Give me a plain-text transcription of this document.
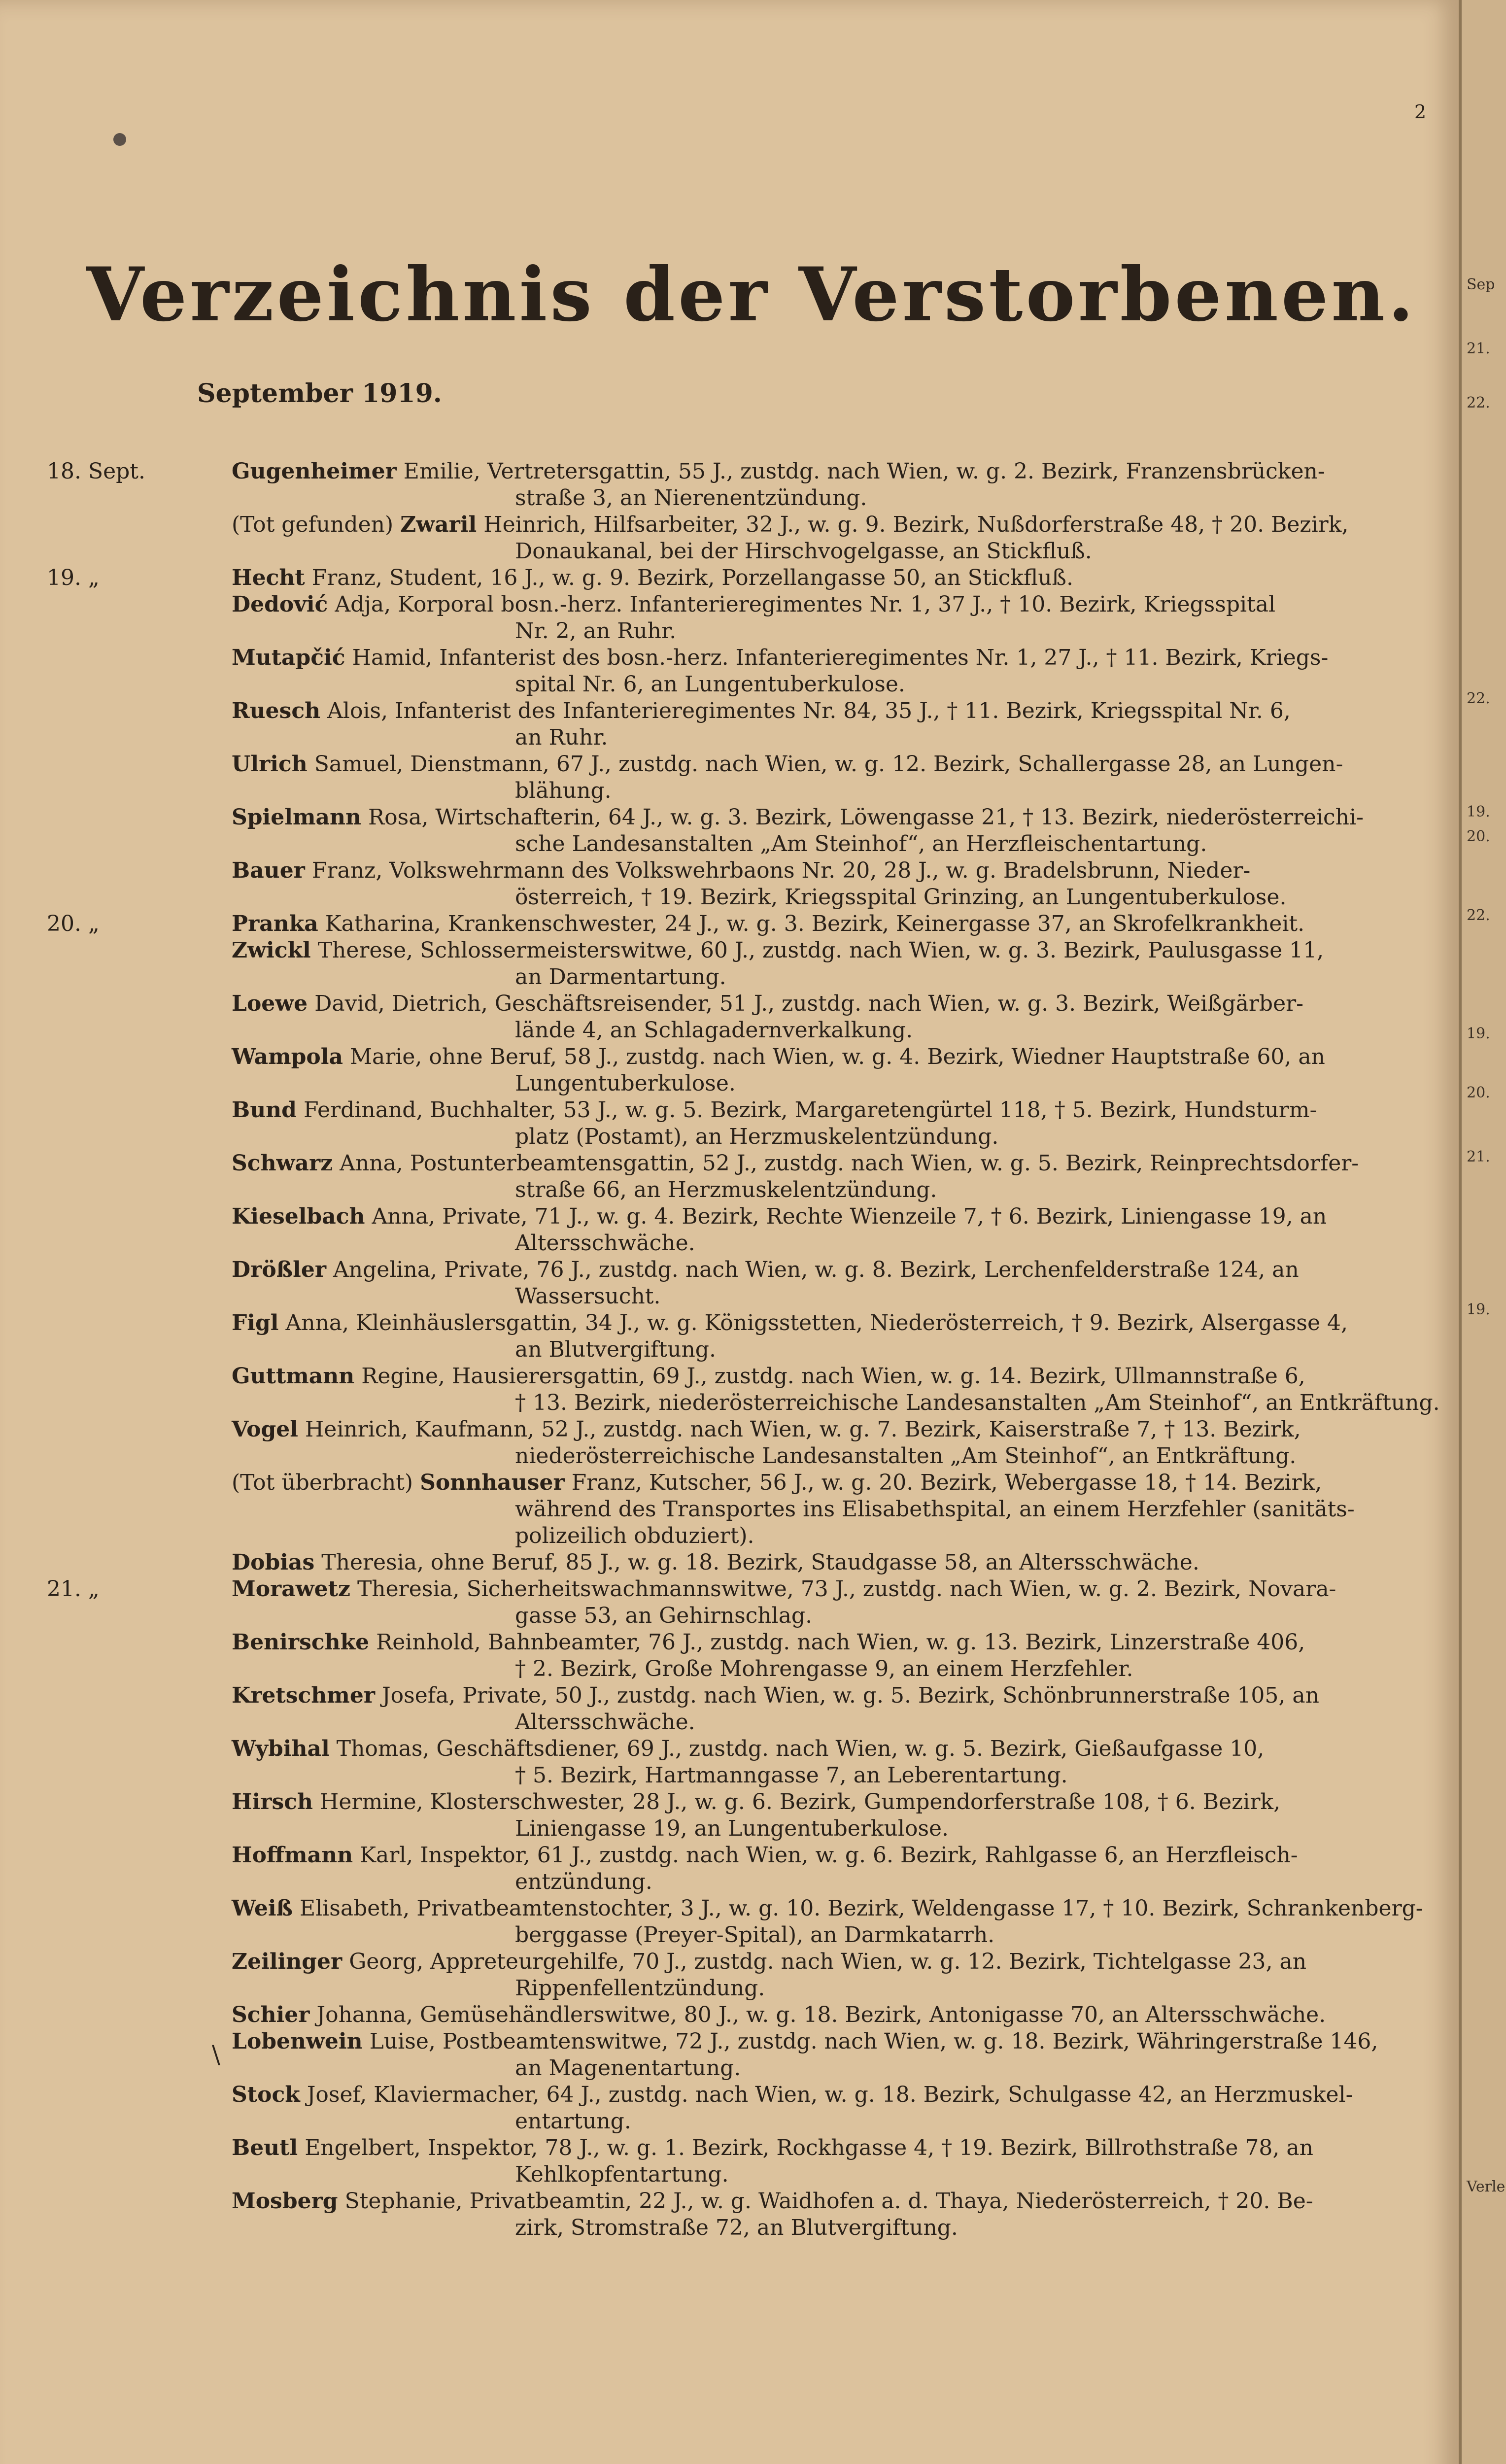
2
Verzeichnis der Verstorbenen.
September 1919.
\
18. Sept.	Gugenheimer Emilie, Vertretersgattin, 55 J., zustdg. nach Wien, w. g. 2. Bezirk, Franzensbrücken-
straße 3, an Nierenentzündung.
(Tot gefunden) Zwaril Heinrich, Hilfsarbeiter, 32 J., w. g. 9. Bezirk, Nußdorferstraße 48, † 20. Bezirk,
Donaukanal, bei der Hirschvogelgasse, an Stickfluß.
19. „	Hecht Franz, Student, 16 J., w. g. 9. Bezirk, Porzellangasse 50, an Stickfluß.
Dedović Adja, Korporal bosn.-herz. Infanterieregimentes Nr. 1, 37 J., † 10. Bezirk, Kriegsspital
Nr. 2, an Ruhr.
Mutapčić Hamid, Infanterist des bosn.-herz. Infanterieregimentes Nr. 1, 27 J., † 11. Bezirk, Kriegs-
spital Nr. 6, an Lungentuberkulose.
Ruesch Alois, Infanterist des Infanterieregimentes Nr. 84, 35 J., † 11. Bezirk, Kriegsspital Nr. 6,
an Ruhr.
Ulrich Samuel, Dienstmann, 67 J., zustdg. nach Wien, w. g. 12. Bezirk, Schallergasse 28, an Lungen-
blähung.
Spielmann Rosa, Wirtschafterin, 64 J., w. g. 3. Bezirk, Löwengasse 21, † 13. Bezirk, niederösterreichi-
sche Landesanstalten „Am Steinhof“, an Herzfleischentartung.
Bauer Franz, Volkswehrmann des Volkswehrbaons Nr. 20, 28 J., w. g. Bradelsbrunn, Nieder-
österreich, † 19. Bezirk, Kriegsspital Grinzing, an Lungentuberkulose.
20. „	Pranka Katharina, Krankenschwester, 24 J., w. g. 3. Bezirk, Keinergasse 37, an Skrofelkrankheit.
Zwickl Therese, Schlossermeisterswitwe, 60 J., zustdg. nach Wien, w. g. 3. Bezirk, Paulusgasse 11,
an Darmentartung.
Loewe David, Dietrich, Geschäftsreisender, 51 J., zustdg. nach Wien, w. g. 3. Bezirk, Weißgärber-
lände 4, an Schlagadernverkalkung.
Wampola Marie, ohne Beruf, 58 J., zustdg. nach Wien, w. g. 4. Bezirk, Wiedner Hauptstraße 60, an
Lungentuberkulose.
Bund Ferdinand, Buchhalter, 53 J., w. g. 5. Bezirk, Margaretengürtel 118, † 5. Bezirk, Hundsturm-
platz (Postamt), an Herzmuskelentzündung.
Schwarz Anna, Postunterbeamtensgattin, 52 J., zustdg. nach Wien, w. g. 5. Bezirk, Reinprechtsdorfer-
straße 66, an Herzmuskelentzündung.
Kieselbach Anna, Private, 71 J., w. g. 4. Bezirk, Rechte Wienzeile 7, † 6. Bezirk, Liniengasse 19, an
Altersschwäche.
Drößler Angelina, Private, 76 J., zustdg. nach Wien, w. g. 8. Bezirk, Lerchenfelderstraße 124, an
Wassersucht.
Figl Anna, Kleinhäuslersgattin, 34 J., w. g. Königsstetten, Niederösterreich, † 9. Bezirk, Alsergasse 4,
an Blutvergiftung.
Guttmann Regine, Hausierersgattin, 69 J., zustdg. nach Wien, w. g. 14. Bezirk, Ullmannstraße 6,
† 13. Bezirk, niederösterreichische Landesanstalten „Am Steinhof“, an Entkräftung.
Vogel Heinrich, Kaufmann, 52 J., zustdg. nach Wien, w. g. 7. Bezirk, Kaiserstraße 7, † 13. Bezirk,
niederösterreichische Landesanstalten „Am Steinhof“, an Entkräftung.
(Tot überbracht) Sonnhauser Franz, Kutscher, 56 J., w. g. 20. Bezirk, Webergasse 18, † 14. Bezirk,
während des Transportes ins Elisabethspital, an einem Herzfehler (sanitäts-
polizeilich obduziert).
Dobias Theresia, ohne Beruf, 85 J., w. g. 18. Bezirk, Staudgasse 58, an Altersschwäche.
21. „	Morawetz Theresia, Sicherheitswachmannswitwe, 73 J., zustdg. nach Wien, w. g. 2. Bezirk, Novara-
gasse 53, an Gehirnschlag.
Benirschke Reinhold, Bahnbeamter, 76 J., zustdg. nach Wien, w. g. 13. Bezirk, Linzerstraße 406,
† 2. Bezirk, Große Mohrengasse 9, an einem Herzfehler.
Kretschmer Josefa, Private, 50 J., zustdg. nach Wien, w. g. 5. Bezirk, Schönbrunnerstraße 105, an
Altersschwäche.
Wybihal Thomas, Geschäftsdiener, 69 J., zustdg. nach Wien, w. g. 5. Bezirk, Gießaufgasse 10,
† 5. Bezirk, Hartmanngasse 7, an Leberentartung.
Hirsch Hermine, Klosterschwester, 28 J., w. g. 6. Bezirk, Gumpendorferstraße 108, † 6. Bezirk,
Liniengasse 19, an Lungentuberkulose.
Hoffmann Karl, Inspektor, 61 J., zustdg. nach Wien, w. g. 6. Bezirk, Rahlgasse 6, an Herzfleisch-
entzündung.
Weiß Elisabeth, Privatbeamtenstochter, 3 J., w. g. 10. Bezirk, Weldengasse 17, † 10. Bezirk, Schrankenberg-
berggasse (Preyer-Spital), an Darmkatarrh.
Zeilinger Georg, Appreteurgehilfe, 70 J., zustdg. nach Wien, w. g. 12. Bezirk, Tichtelgasse 23, an
Rippenfellentzündung.
Schier Johanna, Gemüsehändlerswitwe, 80 J., w. g. 18. Bezirk, Antonigasse 70, an Altersschwäche.
Lobenwein Luise, Postbeamtenswitwe, 72 J., zustdg. nach Wien, w. g. 18. Bezirk, Währingerstraße 146,
an Magenentartung.
Stock Josef, Klaviermacher, 64 J., zustdg. nach Wien, w. g. 18. Bezirk, Schulgasse 42, an Herzmuskel-
entartung.
Beutl Engelbert, Inspektor, 78 J., w. g. 1. Bezirk, Rockhgasse 4, † 19. Bezirk, Billrothstraße 78, an
Kehlkopfentartung.
Mosberg Stephanie, Privatbeamtin, 22 J., w. g. Waidhofen a. d. Thaya, Niederösterreich, † 20. Be-
zirk, Stromstraße 72, an Blutvergiftung.
Sep
21.
22.
22.
19.
20.
22.
19.
20.
21.
19.
Verle
